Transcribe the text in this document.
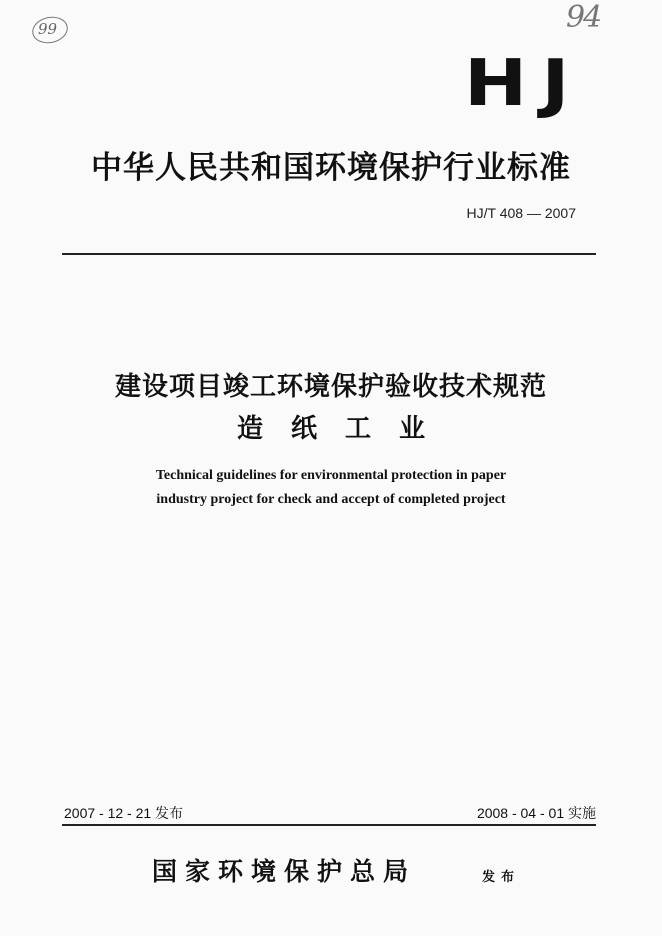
99	94
HJ
中华人民共和国环境保护行业标准
HJ/T 408 — 2007
建设项目竣工环境保护验收技术规范
造纸工业
Technical guidelines for environmental protection in paper
industry project for check and accept of completed project
2007 - 12 - 21 发布	2008 - 04 - 01 实施
国家环境保护总局	发布
